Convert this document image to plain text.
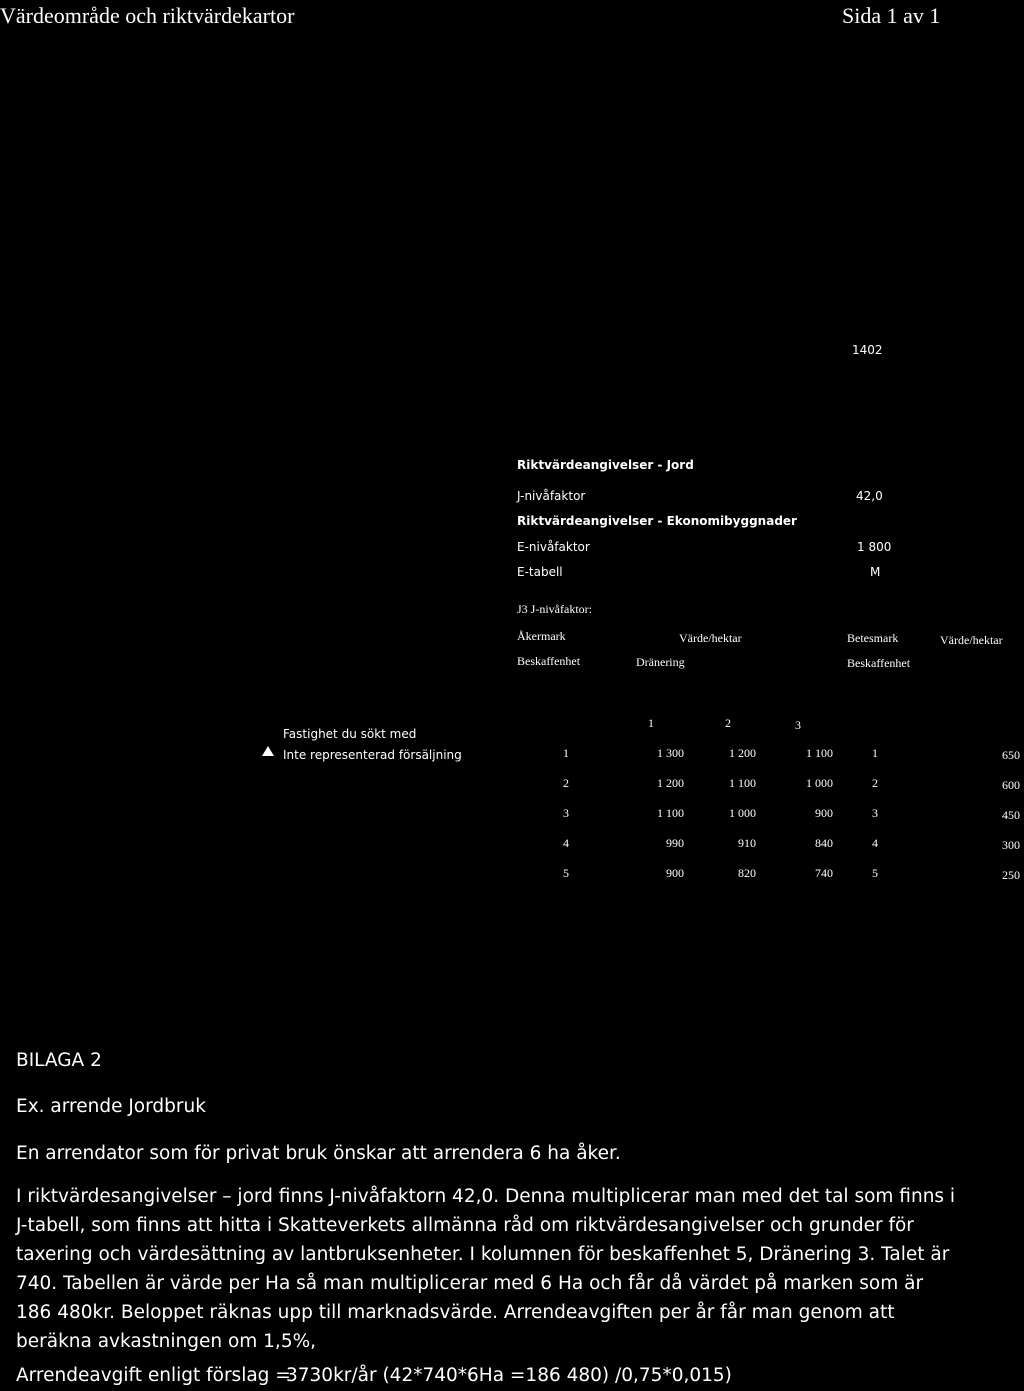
Värdeområde och riktvärdekartor	Sida 1 av 1
1402
Riktvärdeangivelser - Jord
J-nivåfaktor	42,0
Riktvärdeangivelser - Ekonomibyggnader
E-nivåfaktor	1 800
E-tabell	M
J3 J-nivåfaktor:
Åkermark	Värde/hektar	Betesmark	Värde/hektar
Beskaffenhet	Dränering	Beskaffenhet
1	2	3
Fastighet du sökt med
Inte representerad försäljning	1	1 300	1 200	1 100	1	650
2	1 200	1 100	1 000	2	600
3	1 100	1 000	900	3	450
4	990	910	840	4	300
5	900	820	740	5	250
BILAGA 2
Ex. arrende Jordbruk
En arrendator som för privat bruk önskar att arrendera 6 ha åker.
I riktvärdesangivelser – jord finns J-nivåfaktorn 42,0. Denna multiplicerar man med det tal som finns i
J-tabell, som finns att hitta i Skatteverkets allmänna råd om riktvärdesangivelser och grunder för
taxering och värdesättning av lantbruksenheter. I kolumnen för beskaffenhet 5, Dränering 3. Talet är
740. Tabellen är värde per Ha så man multiplicerar med 6 Ha och får då värdet på marken som är
186 480kr. Beloppet räknas upp till marknadsvärde. Arrendeavgiften per år får man genom att
beräkna avkastningen om 1,5%,
Arrendeavgift enligt förslag =
3730kr/år (42*740*6Ha =186 480) /0,75*0,015)
